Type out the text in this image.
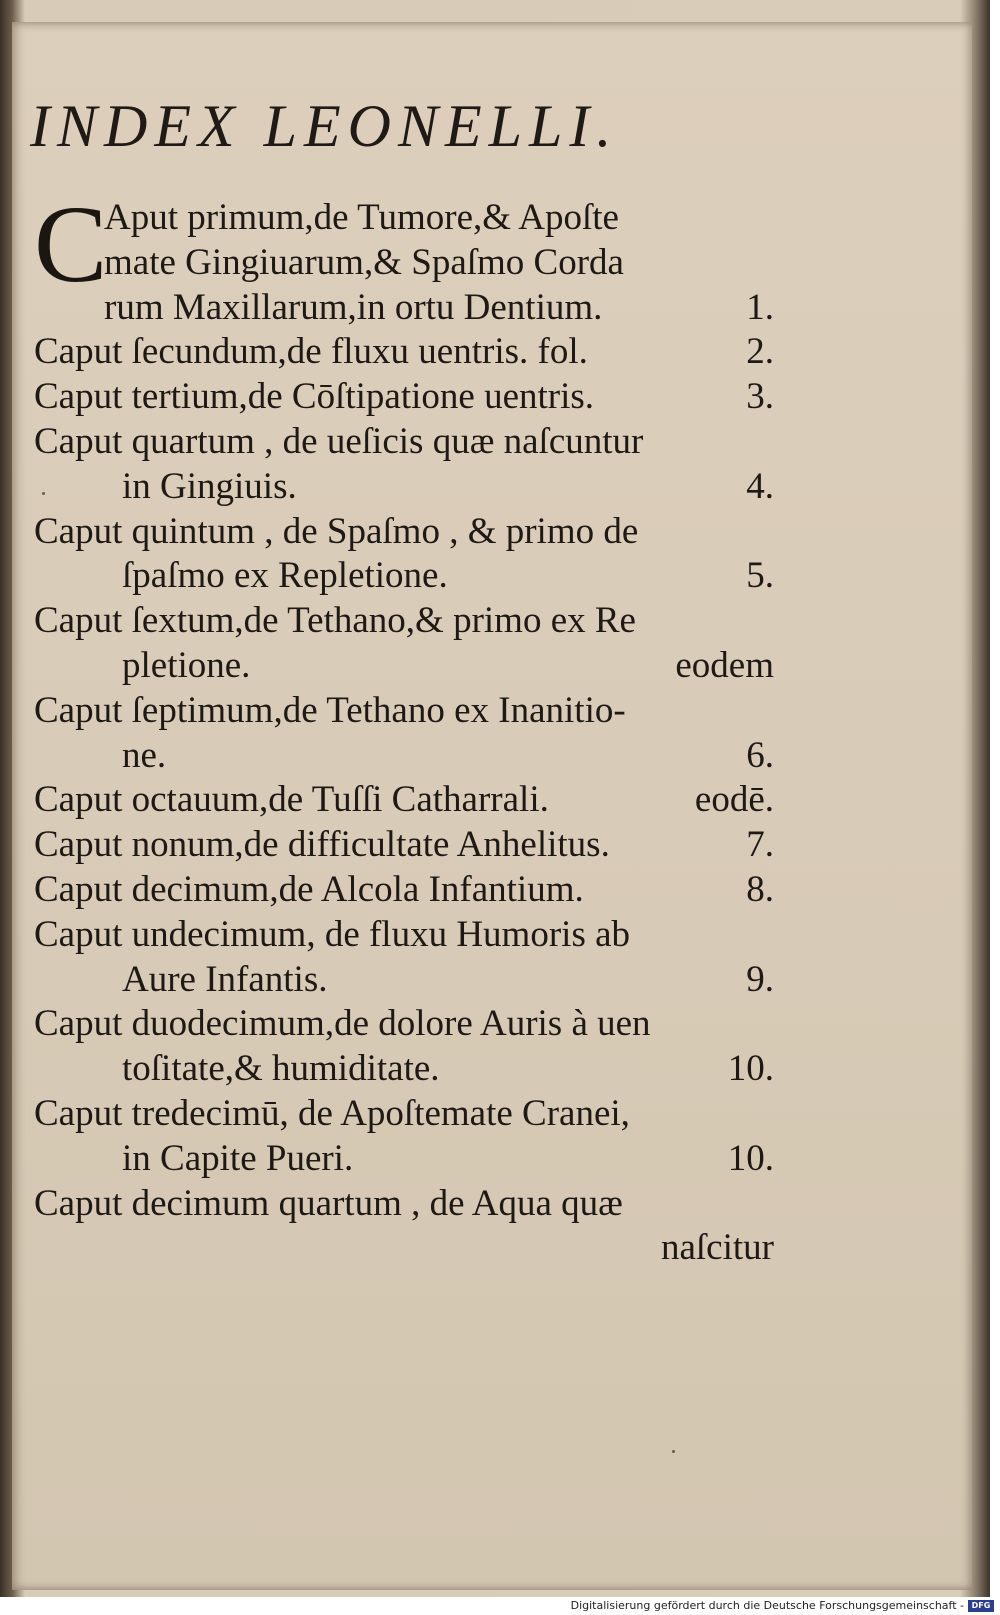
INDEX LEONELLI.
C
Aput primum,de Tumore,& Apoſte
mate Gingiuarum,& Spaſmo Corda
rum Maxillarum,in ortu Dentium.	1.
Caput ſecundum,de fluxu uentris. fol.	2.
Caput tertium,de Cōſtipatione uentris.	3.
Caput quartum , de ueſicis quæ naſcuntur
in Gingiuis.	4.
Caput quintum , de Spaſmo , & primo de
ſpaſmo ex Repletione.	5.
Caput ſextum,de Tethano,& primo ex Re
pletione.	eodem
Caput ſeptimum,de Tethano ex Inanitio-
ne.	6.
Caput octauum,de Tuſſi Catharrali.	eodē.
Caput nonum,de difficultate Anhelitus.	7.
Caput decimum,de Alcola Infantium.	8.
Caput undecimum, de fluxu Humoris ab
Aure Infantis.	9.
Caput duodecimum,de dolore Auris à uen
toſitate,& humiditate.	10.
Caput tredecimū, de Apoſtemate Cranei,
in Capite Pueri.	10.
Caput decimum quartum , de Aqua quæ
naſcitur
Digitalisierung gefördert durch die Deutsche Forschungsgemeinschaft - DFG
